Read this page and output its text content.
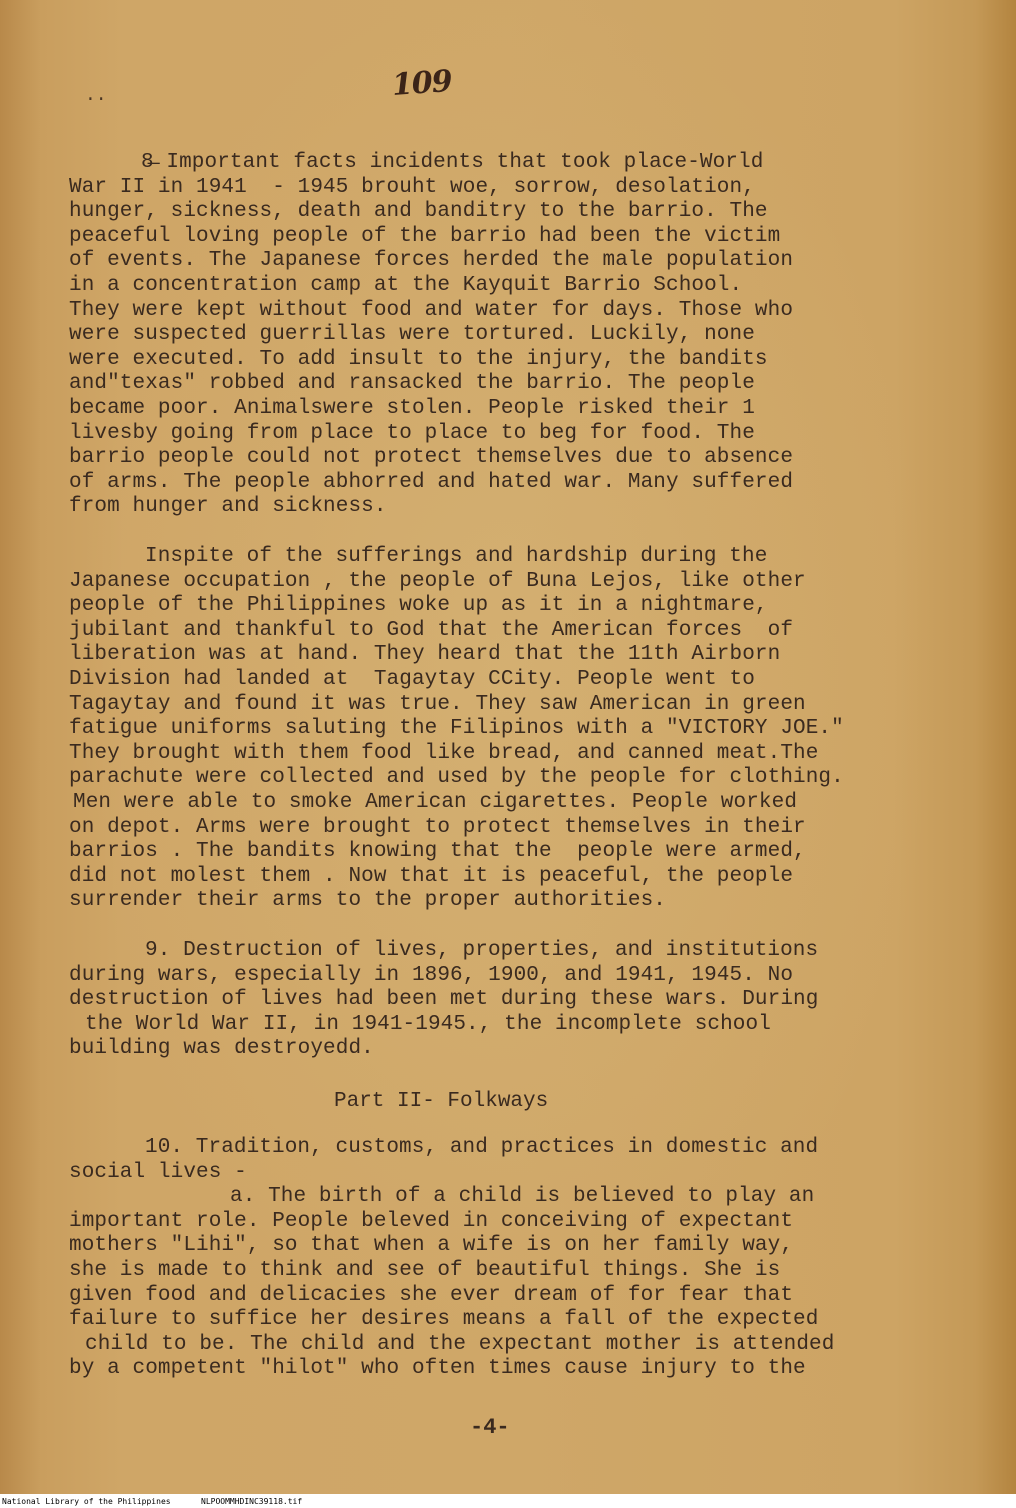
109
..
8̶ Important facts incidents that took place-World
War II in 1941  - 1945 brouht woe, sorrow, desolation,
hunger, sickness, death and banditry to the barrio. The
peaceful loving people of the barrio had been the victim
of events. The Japanese forces herded the male population
in a concentration camp at the Kayquit Barrio School.
They were kept without food and water for days. Those who
were suspected guerrillas were tortured. Luckily, none
were executed. To add insult to the injury, the bandits
and"texas" robbed and ransacked the barrio. The people
became poor. Animalswere stolen. People risked their 1
livesby going from place to place to beg for food. The
barrio people could not protect themselves due to absence
of arms. The people abhorred and hated war. Many suffered
from hunger and sickness.
Inspite of the sufferings and hardship during the
Japanese occupation , the people of Buna Lejos, like other
people of the Philippines woke up as it in a nightmare,
jubilant and thankful to God that the American forces  of
liberation was at hand. They heard that the 11th Airborn
Division had landed at  Tagaytay CCity. People went to
Tagaytay and found it was true. They saw American in green
fatigue uniforms saluting the Filipinos with a "VICTORY JOE."
They brought with them food like bread, and canned meat.The
parachute were collected and used by the people for clothing.
Men were able to smoke American cigarettes. People worked
on depot. Arms were brought to protect themselves in their
barrios . The bandits knowing that the  people were armed,
did not molest them . Now that it is peaceful, the people
surrender their arms to the proper authorities.
9. Destruction of lives, properties, and institutions
during wars, especially in 1896, 1900, and 1941, 1945. No
destruction of lives had been met during these wars. During
the World War II, in 1941-1945., the incomplete school
building was destroyedd.
10. Tradition, customs, and practices in domestic and
social lives -
a. The birth of a child is believed to play an
important role. People beleved in conceiving of expectant
mothers "Lihi", so that when a wife is on her family way,
she is made to think and see of beautiful things. She is
given food and delicacies she ever dream of for fear that
failure to suffice her desires means a fall of the expected
child to be. The child and the expectant mother is attended
by a competent "hilot" who often times cause injury to the
Part II- Folkways
-4-
National Library of the Philippines	NLPOOMMHDINC39118.tif
